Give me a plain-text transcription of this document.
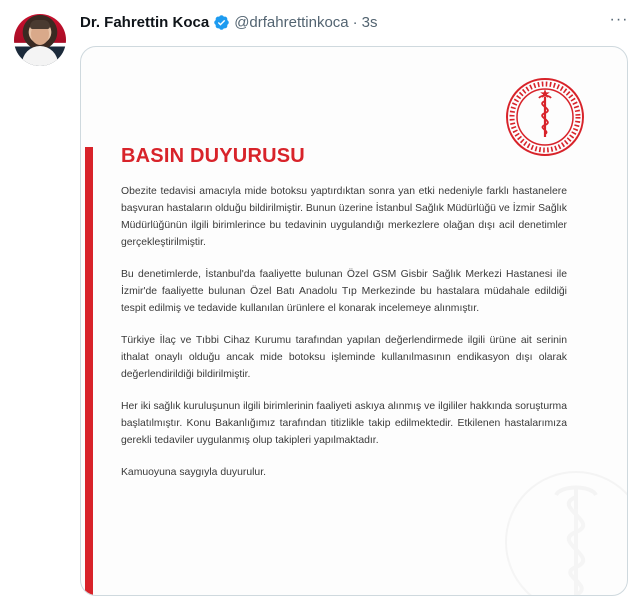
Dr. Fahrettin Koca @drfahrettinkoca · 3s	···
BASIN DUYURUSU

Obezite tedavisi amacıyla mide botoksu yaptırdıktan sonra yan etki nedeniyle farklı hastanelere başvuran hastaların olduğu bildirilmiştir. Bunun üzerine İstanbul Sağlık Müdürlüğü ve İzmir Sağlık Müdürlüğünün ilgili birimlerince bu tedavinin uygulandığı merkezlere olağan dışı acil denetimler gerçekleştirilmiştir.

Bu denetimlerde, İstanbul'da faaliyette bulunan Özel GSM Gisbir Sağlık Merkezi Hastanesi ile İzmir'de faaliyette bulunan Özel Batı Anadolu Tıp Merkezinde bu hastalara müdahale edildiği tespit edilmiş ve tedavide kullanılan ürünlere el konarak incelemeye alınmıştır.

Türkiye İlaç ve Tıbbi Cihaz Kurumu tarafından yapılan değerlendirmede ilgili ürüne ait serinin ithalat onaylı olduğu ancak mide botoksu işleminde kullanılmasının endikasyon dışı olarak değerlendirildiği bildirilmiştir.

Her iki sağlık kuruluşunun ilgili birimlerinin faaliyeti askıya alınmış ve ilgililer hakkında soruşturma başlatılmıştır. Konu Bakanlığımız tarafından titizlikle takip edilmektedir. Etkilenen hastalarımıza gerekli tedaviler uygulanmış olup takipleri yapılmaktadır.

Kamuoyuna saygıyla duyurulur.
